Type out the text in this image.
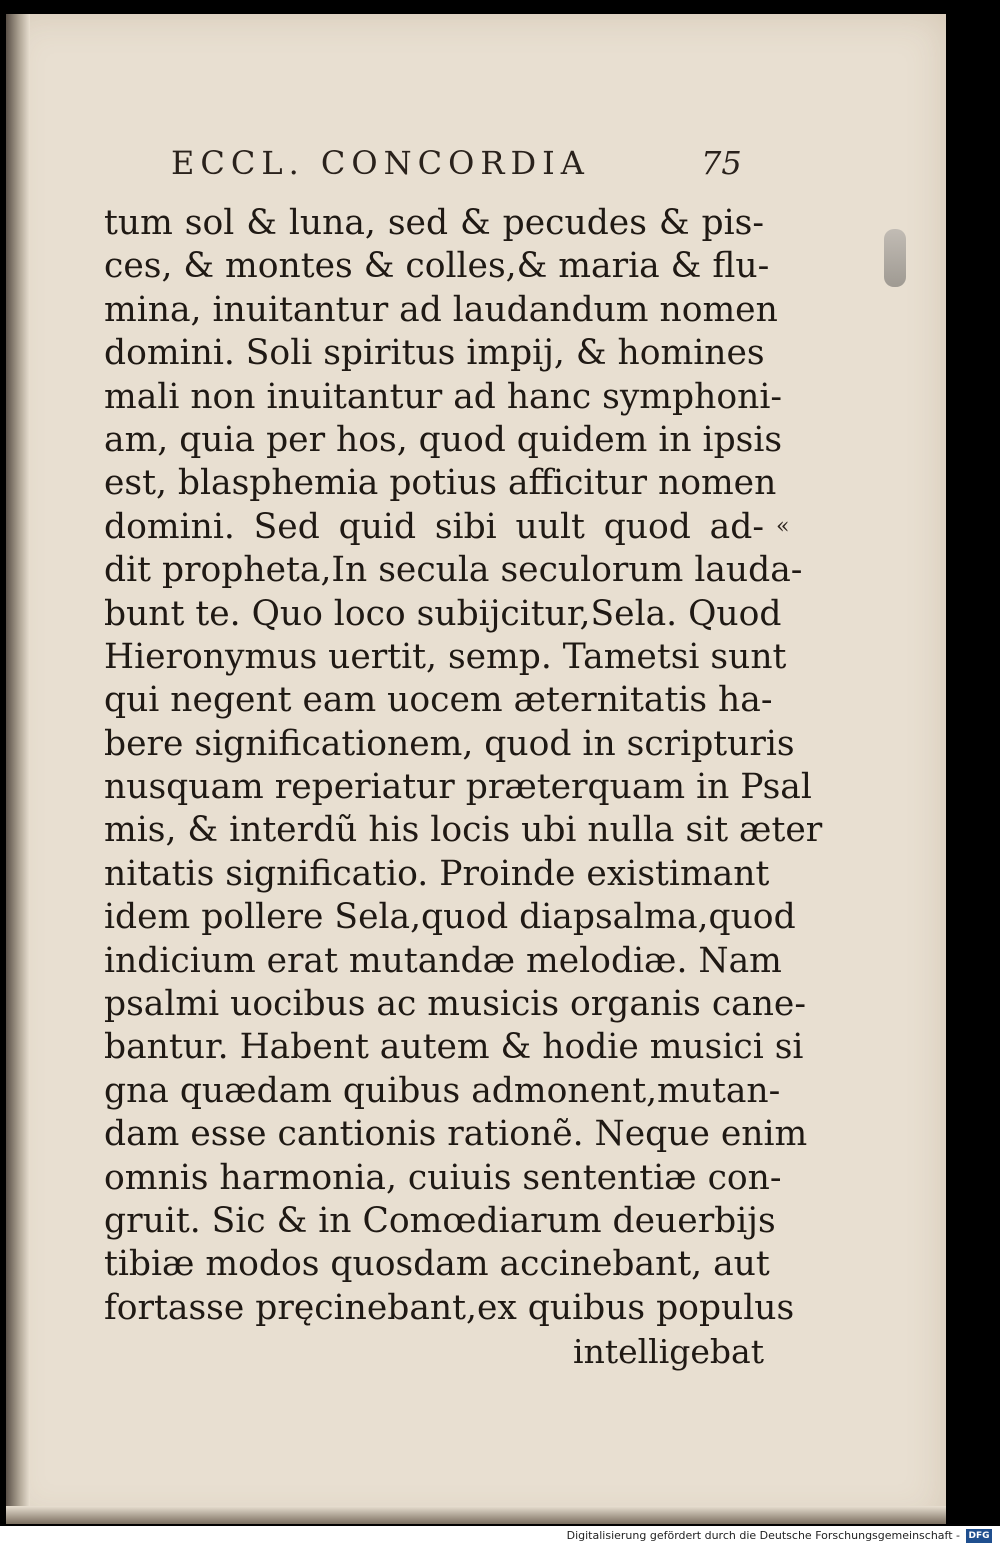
ECCL. CONCORDIA	75
«
tum sol & luna, sed & pecudes & pis-
ces, & montes & colles,& maria & flu-
mina, inuitantur ad laudandum nomen
domini. Soli spiritus impij, & homines
mali non inuitantur ad hanc symphoni-
am, quia per hos, quod quidem in ipsis
est, blasphemia potius afficitur nomen
domini. Sed quid sibi uult quod ad-
dit propheta,In secula seculorum lauda-
bunt te. Quo loco subijcitur,Sela. Quod
Hieronymus uertit, semp. Tametsi sunt
qui negent eam uocem æternitatis ha-
bere significationem, quod in scripturis
nusquam reperiatur præterquam in Psal
mis, & interdũ his locis ubi nulla sit æter
nitatis significatio. Proinde existimant
idem pollere Sela,quod diapsalma,quod
indicium erat mutandæ melodiæ. Nam
psalmi uocibus ac musicis organis cane-
bantur. Habent autem & hodie musici si
gna quædam quibus admonent,mutan-
dam esse cantionis rationẽ. Neque enim
omnis harmonia, cuiuis sententiæ con-
gruit. Sic & in Comœdiarum deuerbijs
tibiæ modos quosdam accinebant, aut
fortasse pręcinebant,ex quibus populus
intelligebat
Digitalisierung gefördert durch die Deutsche Forschungsgemeinschaft - DFG
